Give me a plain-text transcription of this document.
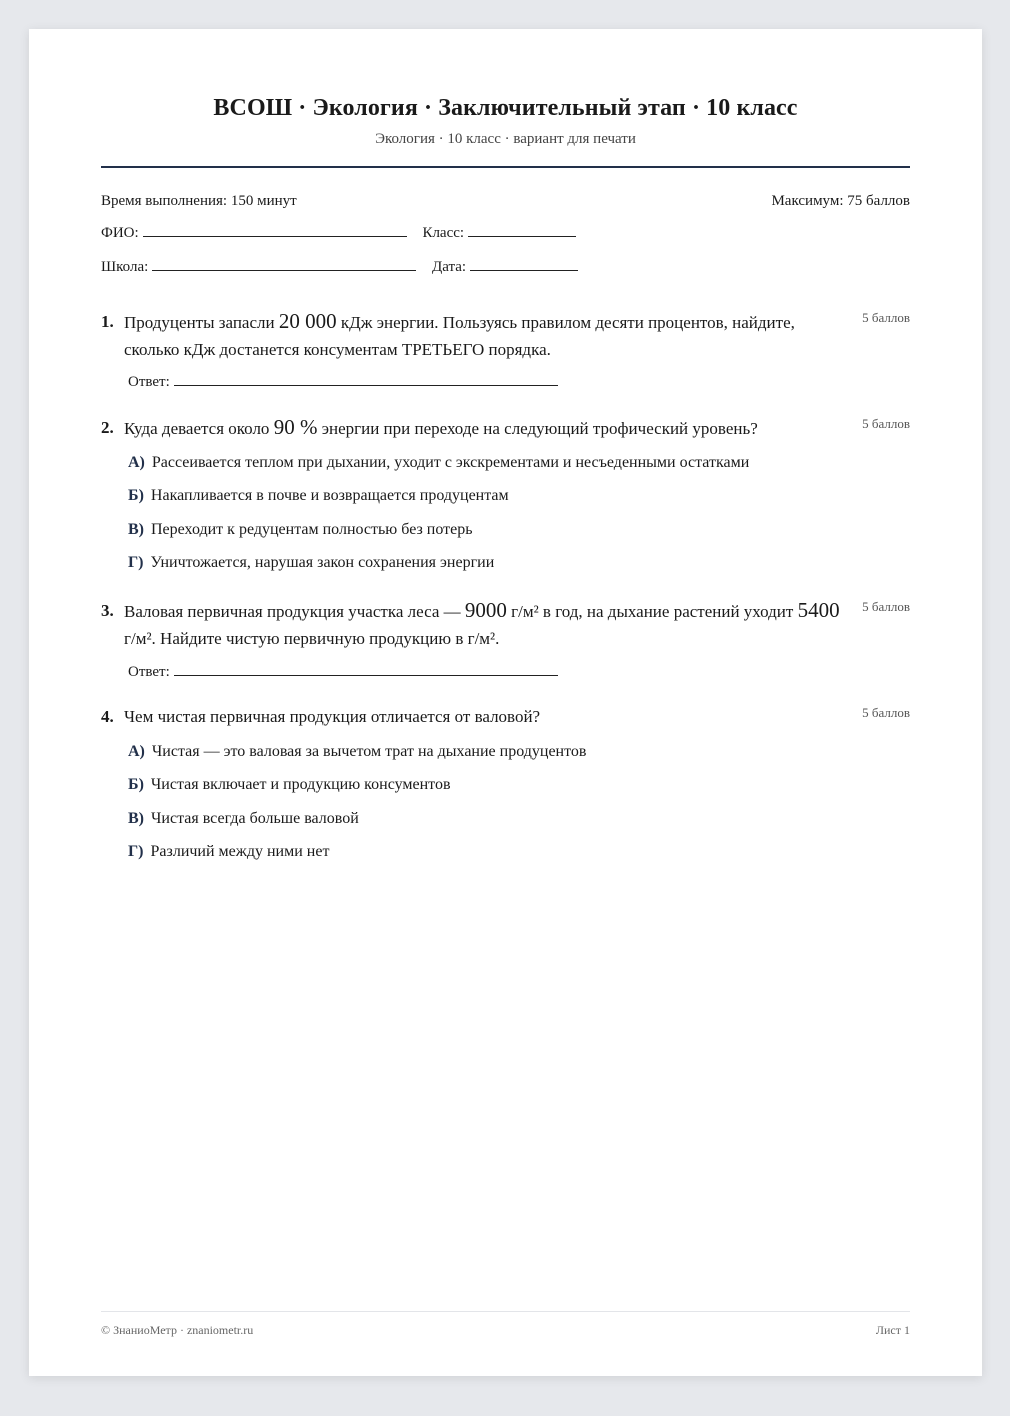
ВСОШ · Экология · Заключительный этап · 10 класс
Экология · 10 класс · вариант для печати
Время выполнения: 150 минут	Максимум: 75 баллов
ФИО:	Класс:
Школа:	Дата:
1. Продуценты запасли 20 000 кДж энергии. Пользуясь правилом десяти процентов, найдите, сколько кДж достанется консументам ТРЕТЬЕГО порядка.
5 баллов
Ответ:
2. Куда девается около 90 % энергии при переходе на следующий трофический уровень?	5 баллов
А) Рассеивается теплом при дыхании, уходит с экскрементами и несъеденными остатками
Б) Накапливается в почве и возвращается продуцентам
В) Переходит к редуцентам полностью без потерь
Г) Уничтожается, нарушая закон сохранения энергии
3. Валовая первичная продукция участка леса — 9000 г/м² в год, на дыхание растений уходит 5400 г/м². Найдите чистую первичную продукцию в г/м².
5 баллов
Ответ:
4. Чем чистая первичная продукция отличается от валовой?	5 баллов
А) Чистая — это валовая за вычетом трат на дыхание продуцентов
Б) Чистая включает и продукцию консументов
В) Чистая всегда больше валовой
Г) Различий между ними нет
© ЗнаниоМетр · znaniometr.ru	Лист 1
